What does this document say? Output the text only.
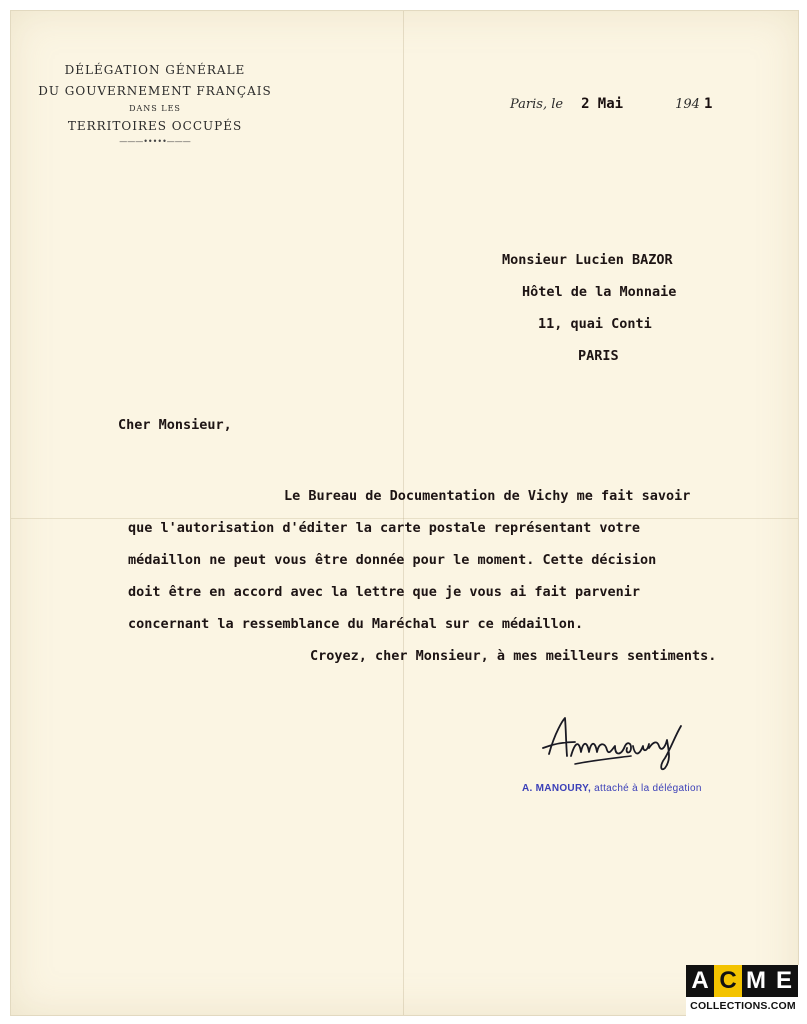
DÉLÉGATION GÉNÉRALE
DU GOUVERNEMENT FRANÇAIS
DANS LES
TERRITOIRES OCCUPÉS
———•••••———
Paris, le 2 Mai	194 1

Monsieur Lucien BAZOR

Hôtel de la Monnaie

11, quai Conti

PARIS

Cher Monsieur,

Le Bureau de Documentation de Vichy me fait savoir

que l'autorisation d'éditer la carte postale représentant votre

médaillon ne peut vous être donnée pour le moment. Cette décision

doit être en accord avec la lettre que je vous ai fait parvenir

concernant la ressemblance du Maréchal sur ce médaillon.

Croyez, cher Monsieur, à mes meilleurs sentiments.

A. MANOURY, attaché à la délégation
A C M E
COLLECTIONS.COM
